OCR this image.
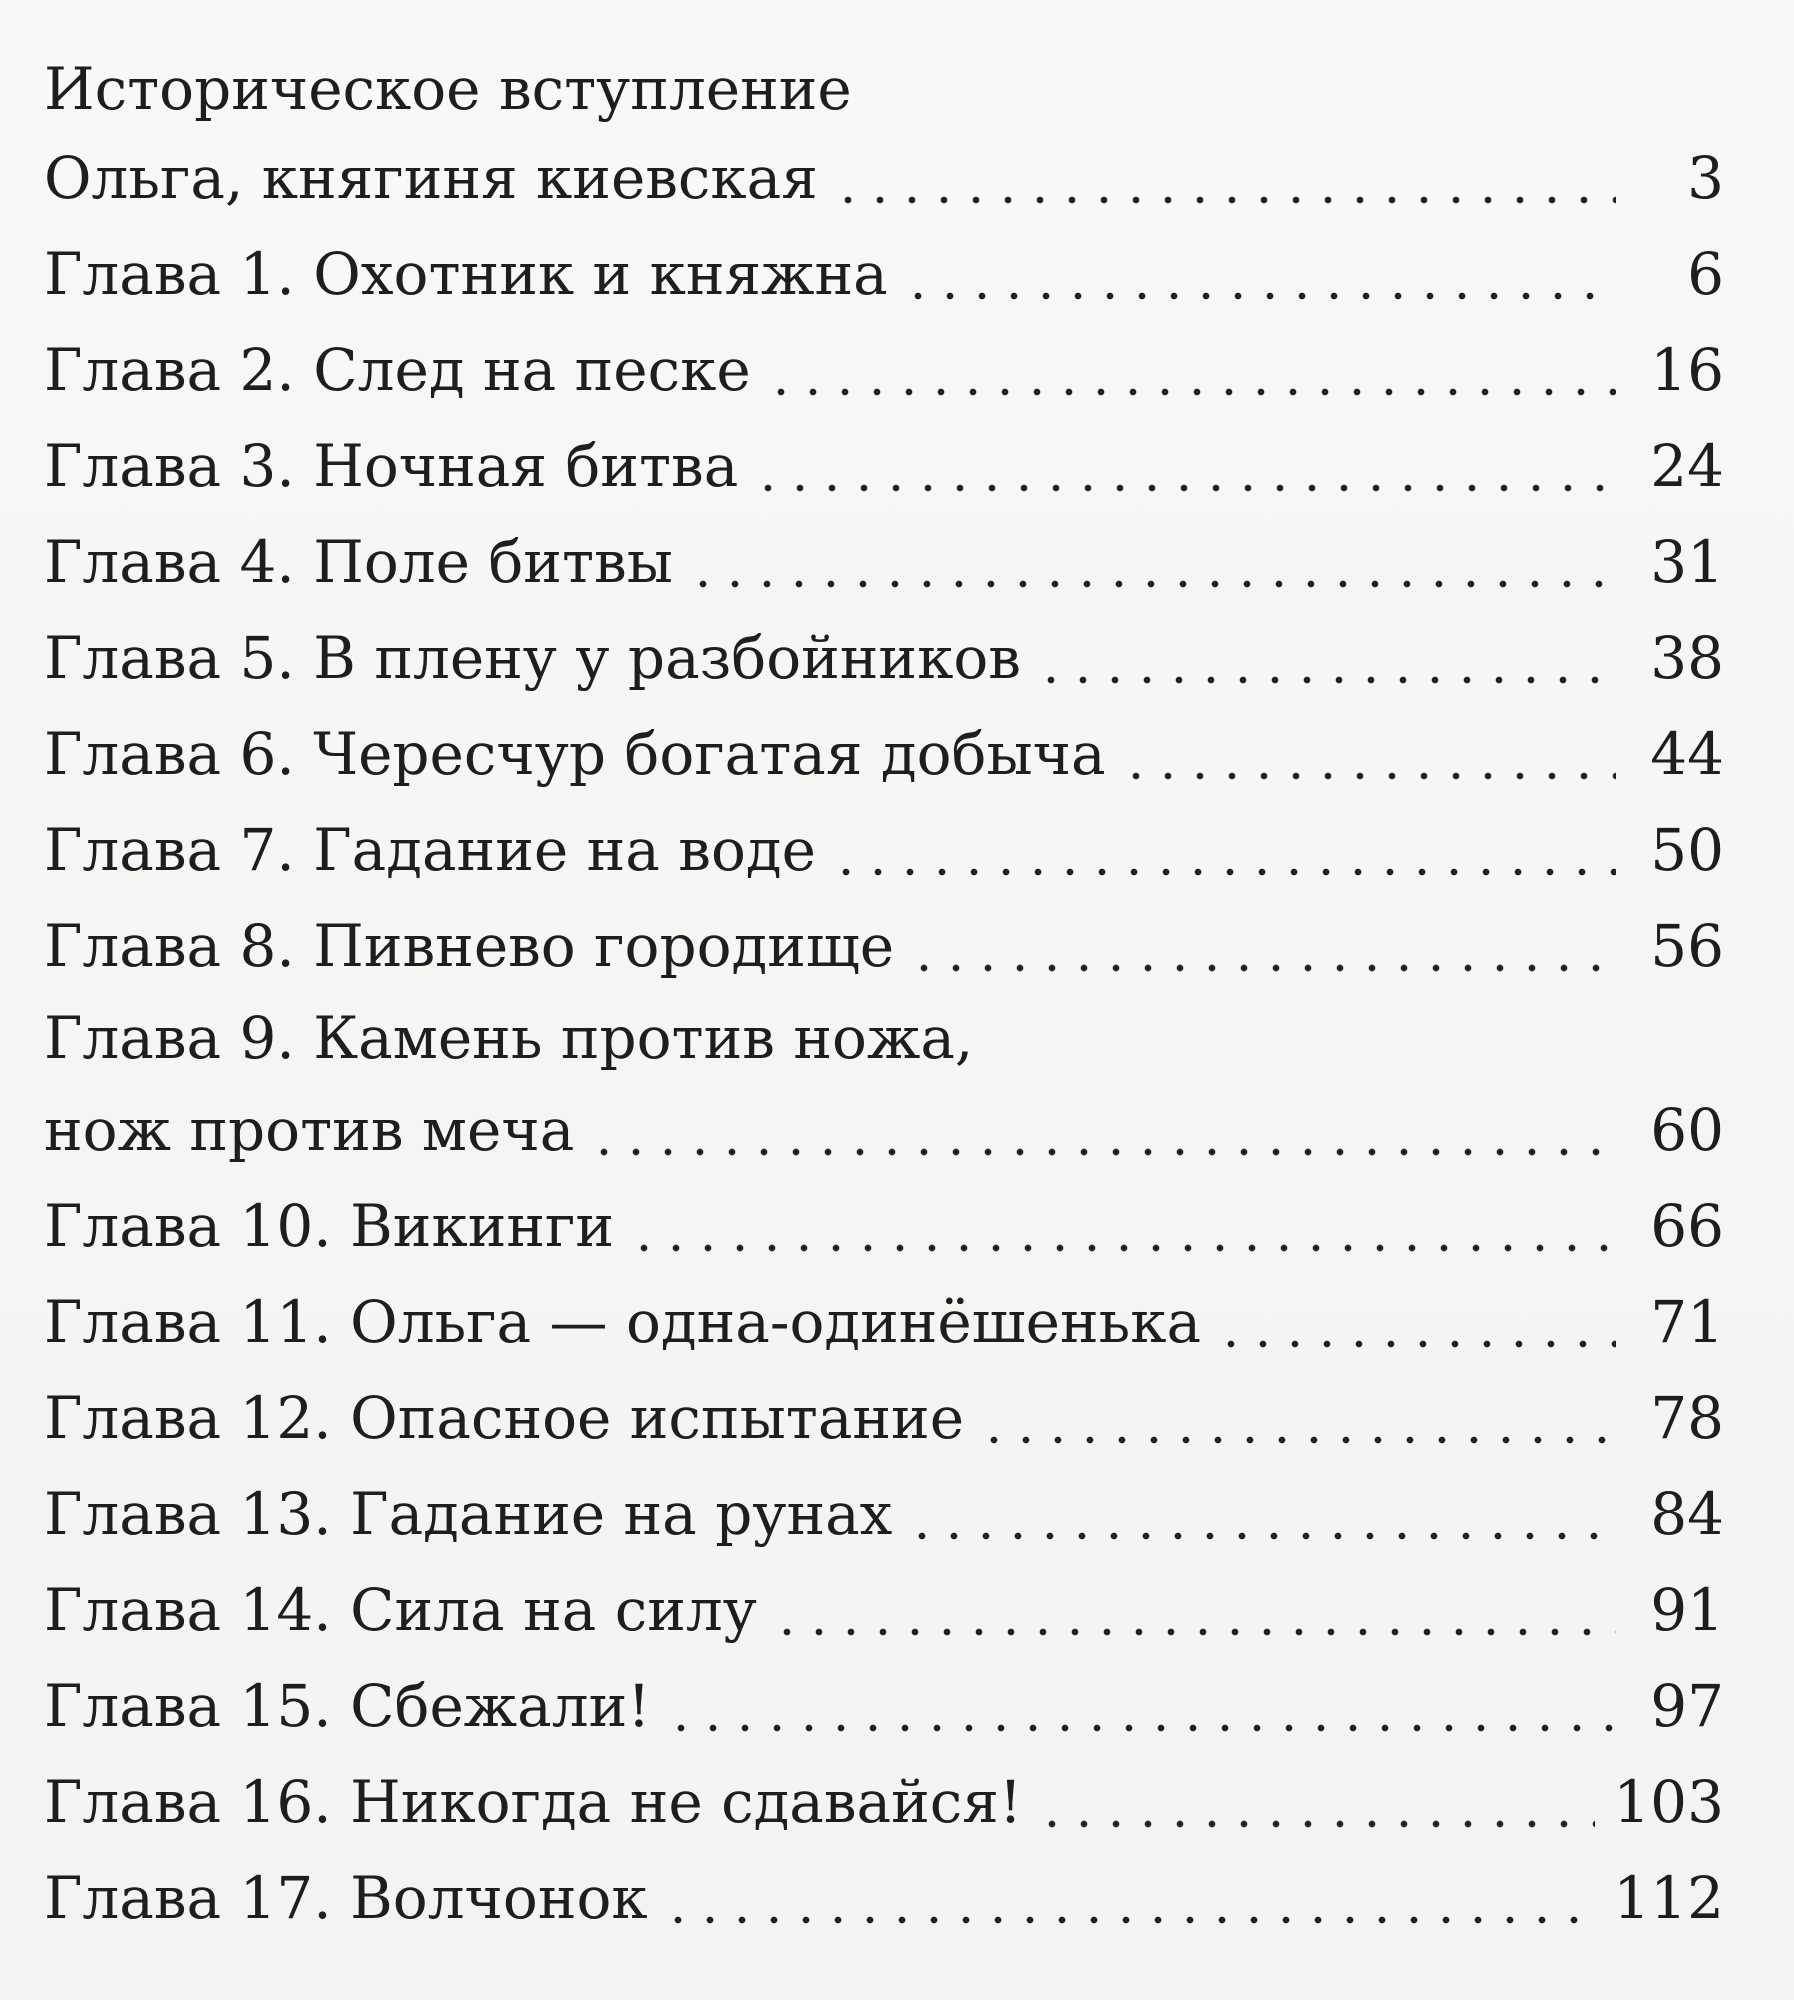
Историческое вступление
Ольга, княгиня киевская	3
Глава 1. Охотник и княжна	6
Глава 2. След на песке	16
Глава 3. Ночная битва	24
Глава 4. Поле битвы	31
Глава 5. В плену у разбойников	38
Глава 6. Чересчур богатая добыча	44
Глава 7. Гадание на воде	50
Глава 8. Пивнево городище	56
Глава 9. Камень против ножа,
нож против меча	60
Глава 10. Викинги	66
Глава 11. Ольга — одна-одинёшенька	71
Глава 12. Опасное испытание	78
Глава 13. Гадание на рунах	84
Глава 14. Сила на силу	91
Глава 15. Сбежали!	97
Глава 16. Никогда не сдавайся!	103
Глава 17. Волчонок	112
